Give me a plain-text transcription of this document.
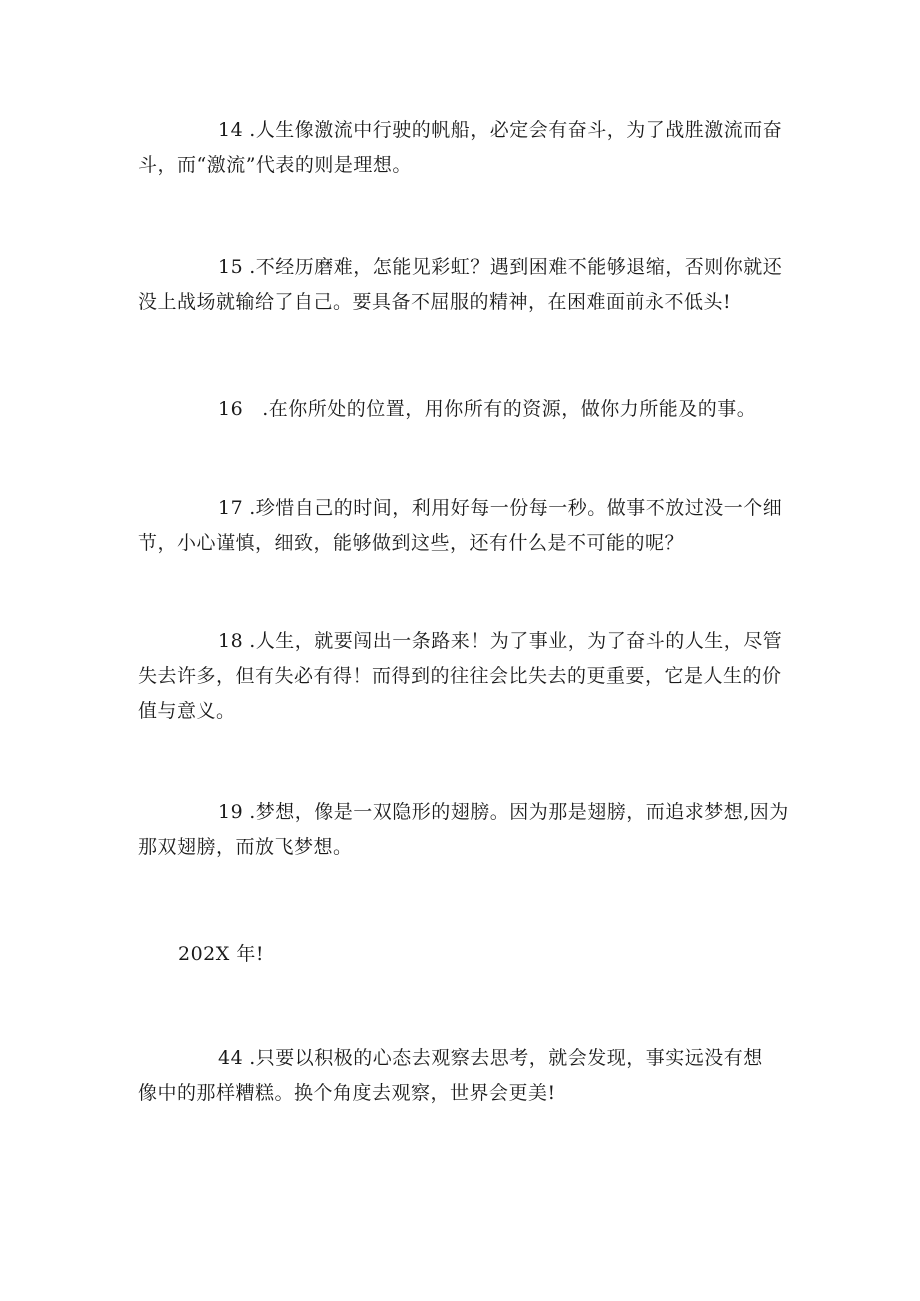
14 .人生像激流中行驶的帆船，必定会有奋斗，为了战胜激流而奋斗，而“激流”代表的则是理想。

15 .不经历磨难，怎能见彩虹？遇到困难不能够退缩，否则你就还没上战场就输给了自己。要具备不屈服的精神，在困难面前永不低头!

16  .在你所处的位置，用你所有的资源，做你力所能及的事。

17 .珍惜自己的时间，利用好每一份每一秒。做事不放过没一个细节，小心谨慎，细致，能够做到这些，还有什么是不可能的呢？

18 .人生，就要闯出一条路来！为了事业，为了奋斗的人生，尽管失去许多，但有失必有得！而得到的往往会比失去的更重要，它是人生的价值与意义。

19 .梦想，像是一双隐形的翅膀。因为那是翅膀，而追求梦想,因为那双翅膀，而放飞梦想。

202X 年!

44 .只要以积极的心态去观察去思考，就会发现，事实远没有想像中的那样糟糕。换个角度去观察，世界会更美!
